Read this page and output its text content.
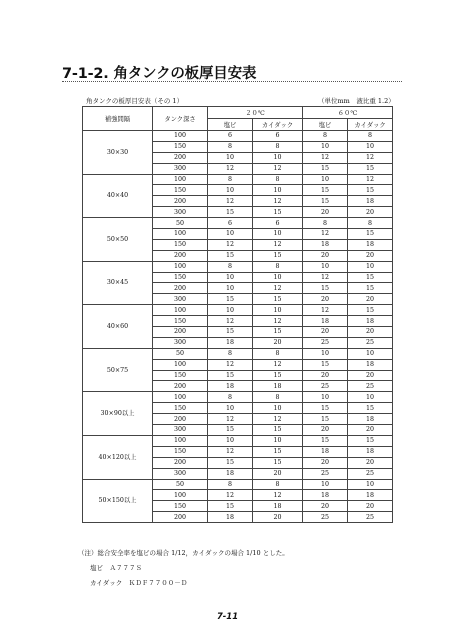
7-1-2. 角タンクの板厚目安表
角タンクの板厚目安表（その 1）	（単位mm　液比重 1.2）
補強間隔	タンク深さ	２０℃		６０℃	
		塩ビ	カイダック	塩ビ	カイダック
30×30	100	6	6	8	8
	150	8	8	10	10
	200	10	10	12	12
	300	12	12	15	15
40×40	100	8	8	10	12
	150	10	10	15	15
	200	12	12	15	18
	300	15	15	20	20
50×50	50	6	6	8	8
	100	10	10	12	15
	150	12	12	18	18
	200	15	15	20	20
30×45	100	8	8	10	10
	150	10	10	12	15
	200	10	12	15	15
	300	15	15	20	20
40×60	100	10	10	12	15
	150	12	12	18	18
	200	15	15	20	20
	300	18	20	25	25
50×75	50	8	8	10	10
	100	12	12	15	18
	150	15	15	20	20
	200	18	18	25	25
30×90以上	100	8	8	10	10
	150	10	10	15	15
	200	12	12	15	18
	300	15	15	20	20
40×120以上	100	10	10	15	15
	150	12	15	18	18
	200	15	15	20	20
	300	18	20	25	25
50×150以上	50	8	8	10	10
	100	12	12	18	18
	150	15	18	20	20
	200	18	20	25	25
（注）総合安全率を塩ビの場合 1/12，カイダックの場合 1/10 とした。
塩ビ　Ａ７７７Ｓ
カイダック　ＫＤＦ７７００－Ｄ
7-11
